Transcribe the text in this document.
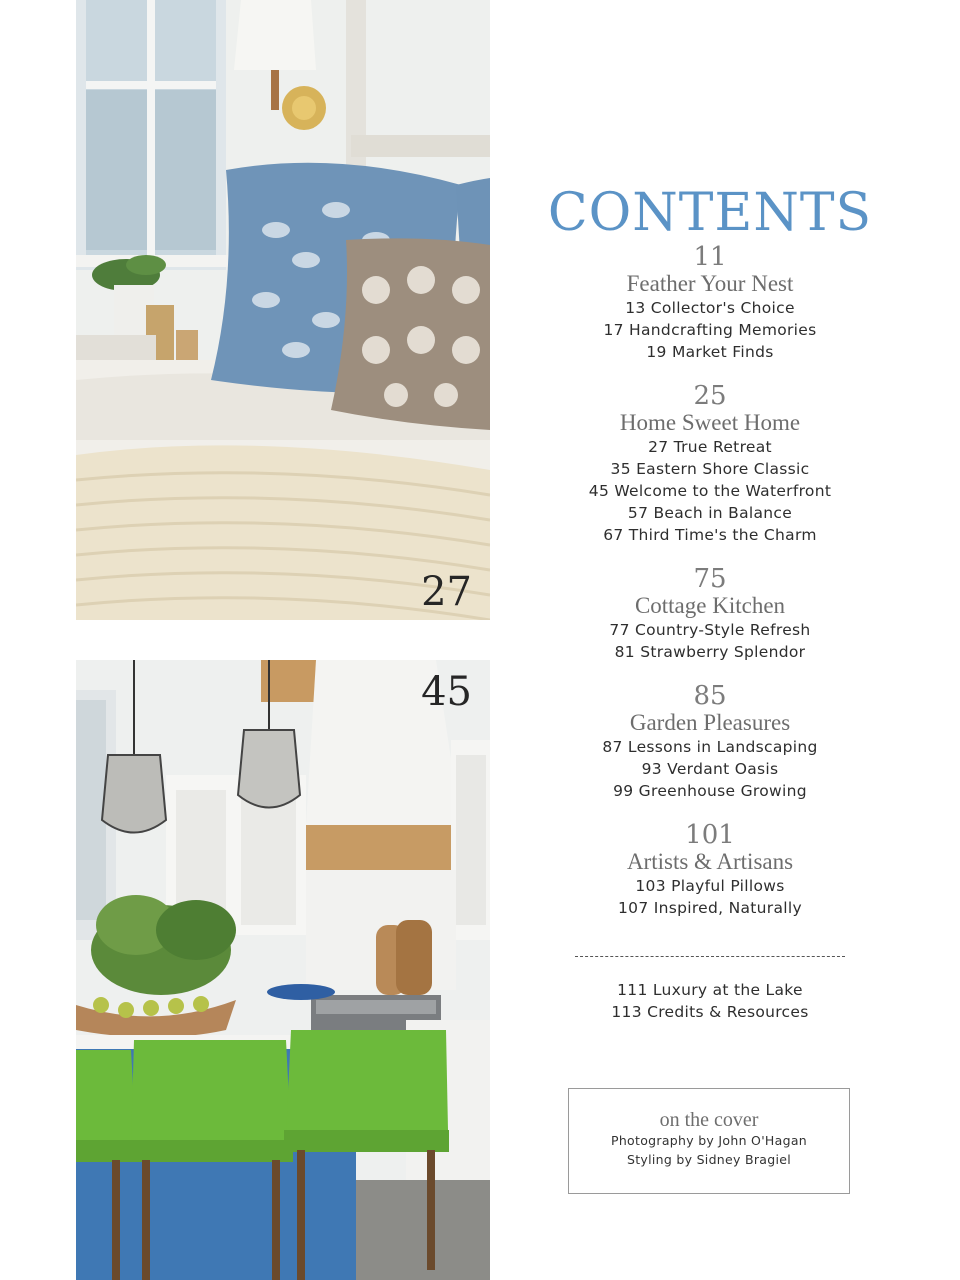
27
45
CONTENTS
11
Feather Your Nest
13 Collector's Choice
17 Handcrafting Memories
19 Market Finds
25
Home Sweet Home
27 True Retreat
35 Eastern Shore Classic
45 Welcome to the Waterfront
57 Beach in Balance
67 Third Time's the Charm
75
Cottage Kitchen
77 Country-Style Refresh
81 Strawberry Splendor
85
Garden Pleasures
87 Lessons in Landscaping
93 Verdant Oasis
99 Greenhouse Growing
101
Artists & Artisans
103 Playful Pillows
107 Inspired, Naturally
111 Luxury at the Lake
113 Credits & Resources
on the cover
Photography by John O'Hagan
Styling by Sidney Bragiel
